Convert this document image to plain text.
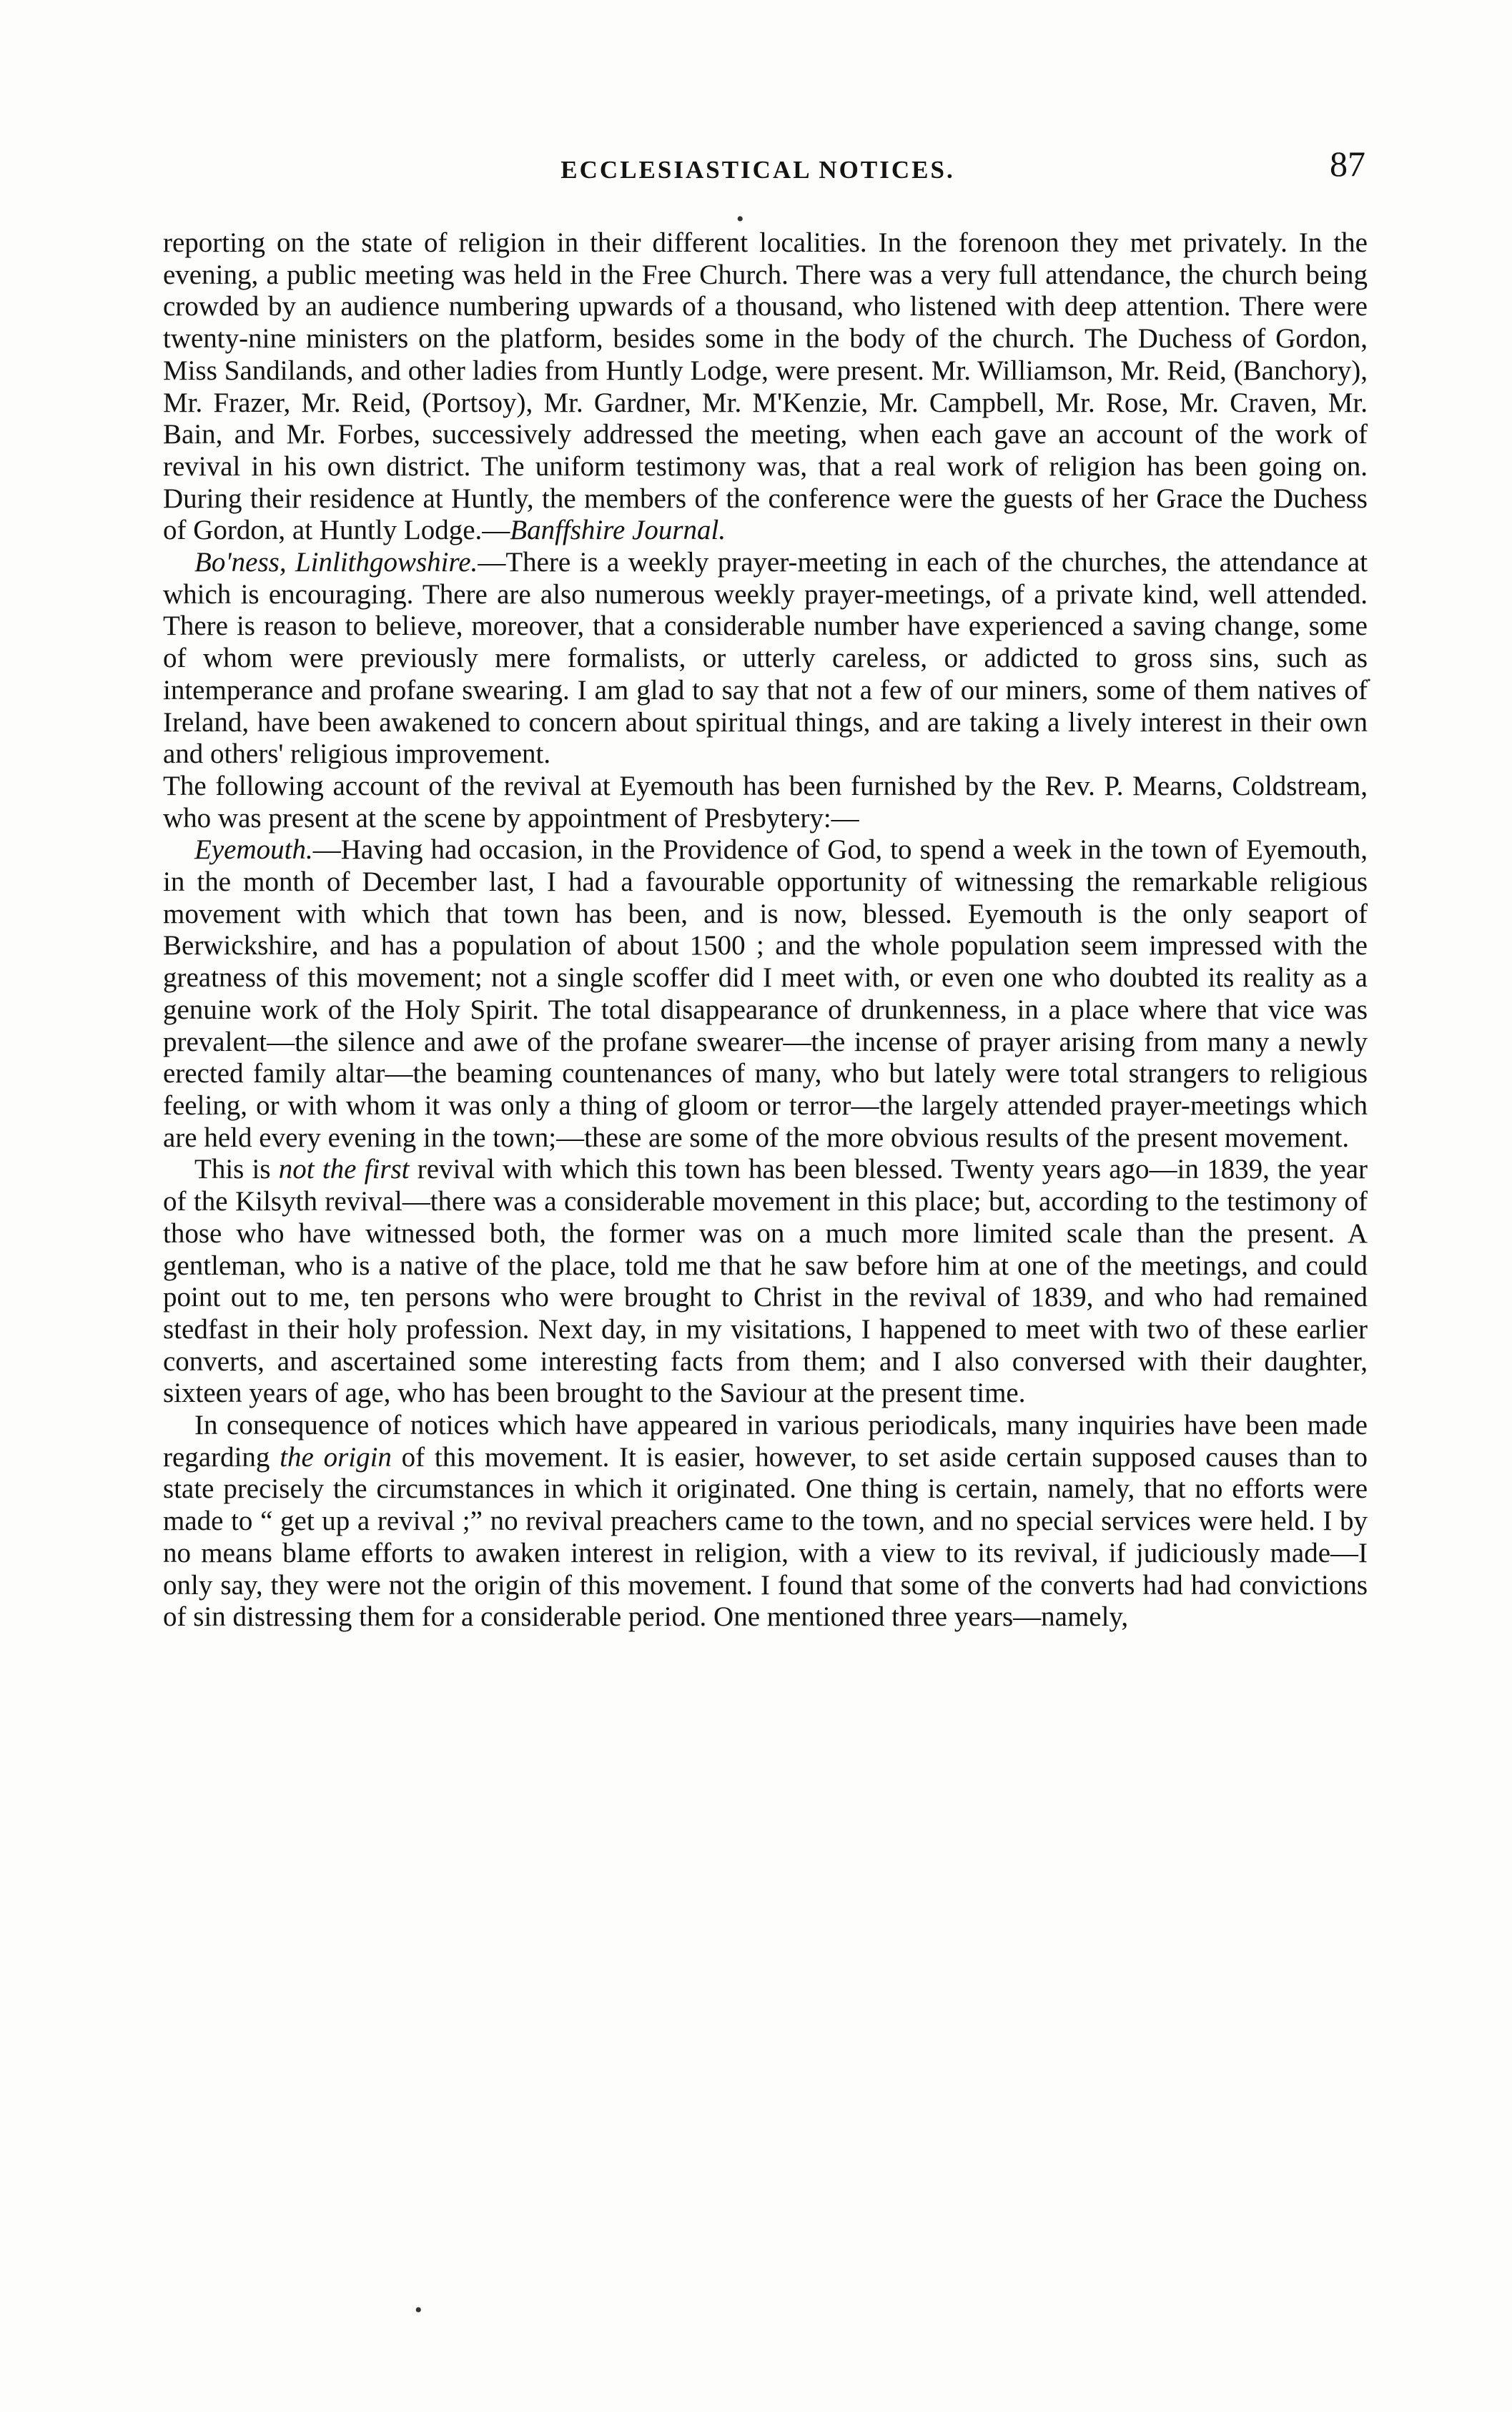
ECCLESIASTICAL NOTICES.	87

reporting on the state of religion in their different localities. In the forenoon they met privately. In the evening, a public meeting was held in the Free Church. There was a very full attendance, the church being crowded by an audience numbering upwards of a thousand, who listened with deep attention. There were twenty-nine ministers on the platform, besides some in the body of the church. The Duchess of Gordon, Miss Sandilands, and other ladies from Huntly Lodge, were present. Mr. Williamson, Mr. Reid, (Banchory), Mr. Frazer, Mr. Reid, (Portsoy), Mr. Gardner, Mr. M'Kenzie, Mr. Campbell, Mr. Rose, Mr. Craven, Mr. Bain, and Mr. Forbes, successively addressed the meeting, when each gave an account of the work of revival in his own district. The uniform testimony was, that a real work of religion has been going on. During their residence at Huntly, the members of the conference were the guests of her Grace the Duchess of Gordon, at Huntly Lodge.—Banffshire Journal.

Bo'ness, Linlithgowshire.—There is a weekly prayer-meeting in each of the churches, the attendance at which is encouraging. There are also numerous weekly prayer-meetings, of a private kind, well attended. There is reason to believe, moreover, that a considerable number have experienced a saving change, some of whom were previously mere formalists, or utterly careless, or addicted to gross sins, such as intemperance and profane swearing. I am glad to say that not a few of our miners, some of them natives of Ireland, have been awakened to concern about spiritual things, and are taking a lively interest in their own and others' religious improvement.

The following account of the revival at Eyemouth has been furnished by the Rev. P. Mearns, Coldstream, who was present at the scene by appointment of Presbytery:—

Eyemouth.—Having had occasion, in the Providence of God, to spend a week in the town of Eyemouth, in the month of December last, I had a favourable opportunity of witnessing the remarkable religious movement with which that town has been, and is now, blessed. Eyemouth is the only seaport of Berwickshire, and has a population of about 1500 ; and the whole population seem impressed with the greatness of this movement; not a single scoffer did I meet with, or even one who doubted its reality as a genuine work of the Holy Spirit. The total disappearance of drunkenness, in a place where that vice was prevalent—the silence and awe of the profane swearer—the incense of prayer arising from many a newly erected family altar—the beaming countenances of many, who but lately were total strangers to religious feeling, or with whom it was only a thing of gloom or terror—the largely attended prayer-meetings which are held every evening in the town;—these are some of the more obvious results of the present movement.

This is not the first revival with which this town has been blessed. Twenty years ago—in 1839, the year of the Kilsyth revival—there was a considerable movement in this place; but, according to the testimony of those who have witnessed both, the former was on a much more limited scale than the present. A gentleman, who is a native of the place, told me that he saw before him at one of the meetings, and could point out to me, ten persons who were brought to Christ in the revival of 1839, and who had remained stedfast in their holy profession. Next day, in my visitations, I happened to meet with two of these earlier converts, and ascertained some interesting facts from them; and I also conversed with their daughter, sixteen years of age, who has been brought to the Saviour at the present time.

In consequence of notices which have appeared in various periodicals, many inquiries have been made regarding the origin of this movement. It is easier, however, to set aside certain supposed causes than to state precisely the circumstances in which it originated. One thing is certain, namely, that no efforts were made to “ get up a revival ;” no revival preachers came to the town, and no special services were held. I by no means blame efforts to awaken interest in religion, with a view to its revival, if judiciously made—I only say, they were not the origin of this movement. I found that some of the converts had had convictions of sin distressing them for a considerable period. One mentioned three years—namely,

•
·
•
